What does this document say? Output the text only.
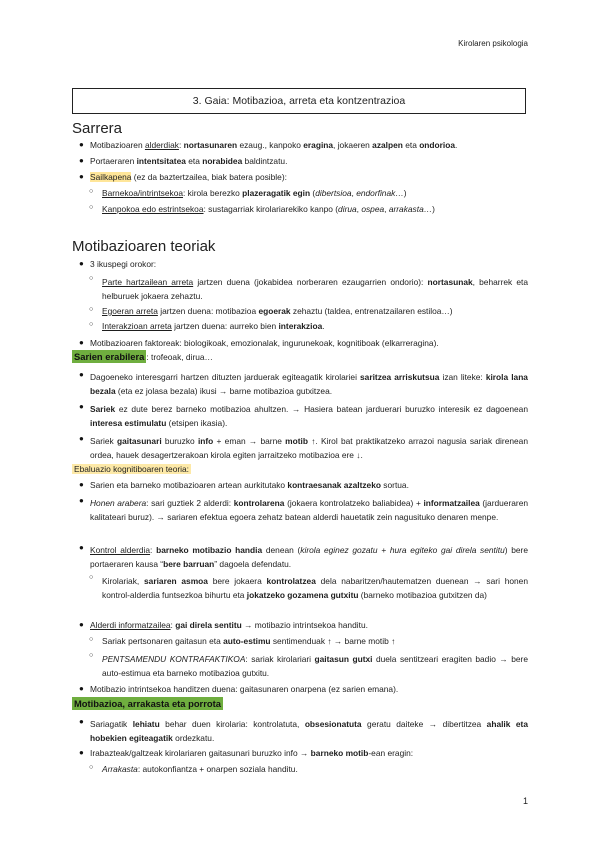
Kirolaren psikologia
3. Gaia: Motibazioa, arreta eta kontzentrazioa
Sarrera
● Motibazioaren alderdiak: nortasunaren ezaug., kanpoko eragina, jokaeren azalpen eta ondorioa.
● Portaeraren intentsitatea eta norabidea baldintzatu.
● Sailkapena (ez da baztertzailea, biak batera posible):
○ Barnekoa/intrintsekoa: kirola berezko plazeragatik egin (dibertsioa, endorfinak…)
○ Kanpokoa edo estrintsekoa: sustagarriak kirolariarekiko kanpo (dirua, ospea, arrakasta…)
Motibazioaren teoriak
● 3 ikuspegi orokor:
○ Parte hartzailean arreta jartzen duena (jokabidea norberaren ezaugarrien ondorio): nortasunak, beharrek eta helburuek jokaera zehaztu.
○ Egoeran arreta jartzen duena: motibazioa egoerak zehaztu (taldea, entrenatzailaren estiloa…)
○ Interakzioan arreta jartzen duena: aurreko bien interakzioa.
● Motibazioaren faktoreak: biologikoak, emozionalak, ingurunekoak, kognitiboak (elkarreragina).
Sarien erabilera : trofeoak, dirua…
● Dagoeneko interesgarri hartzen dituzten jarduerak egiteagatik kirolariei saritzea arriskutsua izan liteke: kirola lana bezala (eta ez jolasa bezala) ikusi → barne motibazioa gutxitzea.
● Sariek ez dute berez barneko motibazioa ahultzen. → Hasiera batean jarduerari buruzko interesik ez dagoenean interesa estimulatu (etsipen ikasia).
● Sariek gaitasunari buruzko info + eman → barne motib ↑. Kirol bat praktikatzeko arrazoi nagusia sariak direnean ordea, hauek desagertzerakoan kirola egiten jarraitzeko motibazioa ere ↓.
Ebaluazio kognitiboaren teoria:
● Sarien eta barneko motibazioaren artean aurkitutako kontraesanak azaltzeko sortua.
● Honen arabera: sari guztiek 2 alderdi: kontrolarena (jokaera kontrolatzeko baliabidea) + informatzailea (jardueraren kalitateari buruz). → sariaren efektua egoera zehatz batean alderdi hauetatik zein nagusituko denaren menpe.
● Kontrol alderdia: barneko motibazio handia denean (kirola eginez gozatu + hura egiteko gai direla sentitu) bere portaeraren kausa “bere barruan” dagoela defendatu.
○ Kirolariak, sariaren asmoa bere jokaera kontrolatzea dela nabaritzen/hautematzen duenean → sari honen kontrol-alderdia funtsezkoa bihurtu eta jokatzeko gozamena gutxitu (barneko motibazioa gutxitzen da)
● Alderdi informatzailea: gai direla sentitu → motibazio intrintsekoa handitu.
○ Sariak pertsonaren gaitasun eta auto-estimu sentimenduak ↑ → barne motib ↑
○ PENTSAMENDU KONTRAFAKTIKOA: sariak kirolariari gaitasun gutxi duela sentitzeari eragiten badio → bere auto-estimua eta barneko motibazioa gutxitu.
● Motibazio intrintsekoa handitzen duena: gaitasunaren onarpena (ez sarien emana).
Motibazioa, arrakasta eta porrota
● Sariagatik lehiatu behar duen kirolaria: kontrolatuta, obsesionatuta geratu daiteke → dibertitzea ahalik eta hobekien egiteagatik ordezkatu.
● Irabazteak/galtzeak kirolariaren gaitasunari buruzko info → barneko motib-ean eragin:
○ Arrakasta: autokonfiantza + onarpen soziala handitu.
1
